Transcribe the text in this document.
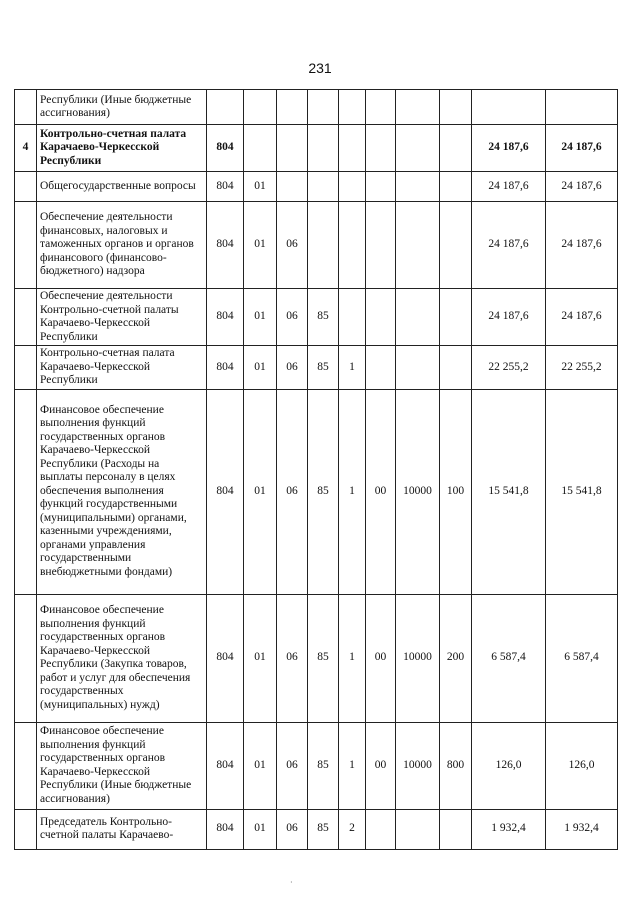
231
	Республики (Иные бюджетные ассигнования)										
4	Контрольно-счетная палата Карачаево-Черкесской Республики	804								24 187,6	24 187,6
	Общегосударственные вопросы	804	01							24 187,6	24 187,6
	Обеспечение деятельности финансовых, налоговых и таможенных органов и органов финансового (финансово-бюджетного) надзора	804	01	06						24 187,6	24 187,6
	Обеспечение деятельности Контрольно-счетной палаты Карачаево-Черкесской Республики	804	01	06	85					24 187,6	24 187,6
	Контрольно-счетная палата Карачаево-Черкесской Республики	804	01	06	85	1				22 255,2	22 255,2
	Финансовое обеспечение выполнения функций государственных органов Карачаево-Черкесской Республики (Расходы на выплаты персоналу в целях обеспечения выполнения функций государственными (муниципальными) органами, казенными учреждениями, органами управления государственными внебюджетными фондами)	804	01	06	85	1	00	10000	100	15 541,8	15 541,8
	Финансовое обеспечение выполнения функций государственных органов Карачаево-Черкесской Республики (Закупка товаров, работ и услуг для обеспечения государственных (муниципальных) нужд)	804	01	06	85	1	00	10000	200	6 587,4	6 587,4
	Финансовое обеспечение выполнения функций государственных органов Карачаево-Черкесской Республики (Иные бюджетные ассигнования)	804	01	06	85	1	00	10000	800	126,0	126,0
	Председатель Контрольно-счетной палаты Карачаево-	804	01	06	85	2				1 932,4	1 932,4
·
